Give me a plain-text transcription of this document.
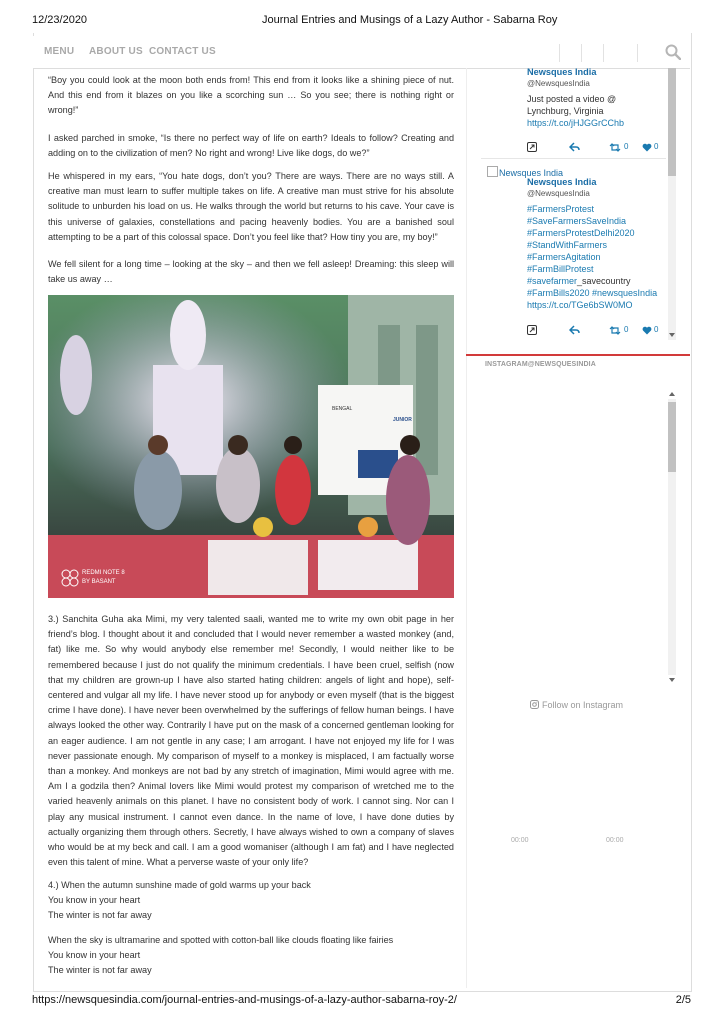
12/23/2020	Journal Entries and Musings of a Lazy Author - Sabarna Roy
MENU ABOUT US CONTACT US

“Boy you could look at the moon both ends from! This end from it looks like a shining piece of nut. And this end from it blazes on you like a scorching sun … So you see; there is nothing right or wrong!”

I asked parched in smoke, “Is there no perfect way of life on earth? Ideals to follow? Creating and adding on to the civilization of men? No right and wrong! Live like dogs, do we?”

He whispered in my ears, “You hate dogs, don’t you? There are ways. There are no ways still. A creative man must learn to suffer multiple takes on life. A creative man must strive for his absolute solitude to unburden his load on us. He walks through the world but returns to his cave. Your cave is this universe of galaxies, constellations and pacing heavenly bodies. You are a banished soul attempting to be a part of this colossal space. Don’t you feel like that? How tiny you are, my boy!”

We fell silent for a long time – looking at the sky – and then we fell asleep! Dreaming: this sleep will take us away …

REDMI NOTE 8
BY BASANT
BENGAL
JUNIOR

3.) Sanchita Guha aka Mimi, my very talented saali, wanted me to write my own obit page in her friend’s blog. I thought about it and concluded that I would never remember a wasted monkey (and, fat) like me. So why would anybody else remember me! Secondly, I would neither like to be remembered because I just do not qualify the minimum credentials. I have been cruel, selfish (now that my children are grown-up I have also started hating children: angels of light and hope), self-centered and vulgar all my life. I have never stood up for anybody or even myself (that is the biggest crime I have done). I have never been overwhelmed by the sufferings of fellow human beings. I have always looked the other way. Contrarily I have put on the mask of a concerned gentleman looking for an eager audience. I am not gentle in any case; I am arrogant. I have not enjoyed my life for I was never passionate enough. My comparison of myself to a monkey is misplaced, I am factually worse than a monkey. And monkeys are not bad by any stretch of imagination, Mimi would agree with me. Am I a godzila then? Animal lovers like Mimi would protest my comparison of wretched me to the varied heavenly animals on this planet. I have no consistent body of work. I cannot sing. Nor can I play any musical instrument. I cannot even dance. In the name of love, I have done duties by actually organizing them through others. Secretly, I have always wished to own a company of slaves who would be at my beck and call. I am a good womaniser (although I am fat) and I have neglected even this talent of mine. What a perverse waste of your only life?

4.) When the autumn sunshine made of gold warms up your back
You know in your heart
The winter is not far away
When the sky is ultramarine and spotted with cotton-ball like clouds floating like fairies
You know in your heart
The winter is not far away
Newsques India
@NewsquesIndia
Just posted a video @
Lynchburg, Virginia
https://t.co/jHJGGrCChb
0	0
Newsques India
Newsques India
@NewsquesIndia
#FarmersProtest
#SaveFarmersSaveIndia
#FarmersProtestDelhi2020
#StandWithFarmers
#FarmersAgitation
#FarmBillProtest
#savefarmer_savecountry
#FarmBills2020 #newsquesIndia
https://t.co/TGe6bSW0MO
0	0
INSTAGRAM@NEWSQUESINDIA
Follow on Instagram
00:00	00:00
https://newsquesindia.com/journal-entries-and-musings-of-a-lazy-author-sabarna-roy-2/	2/5
